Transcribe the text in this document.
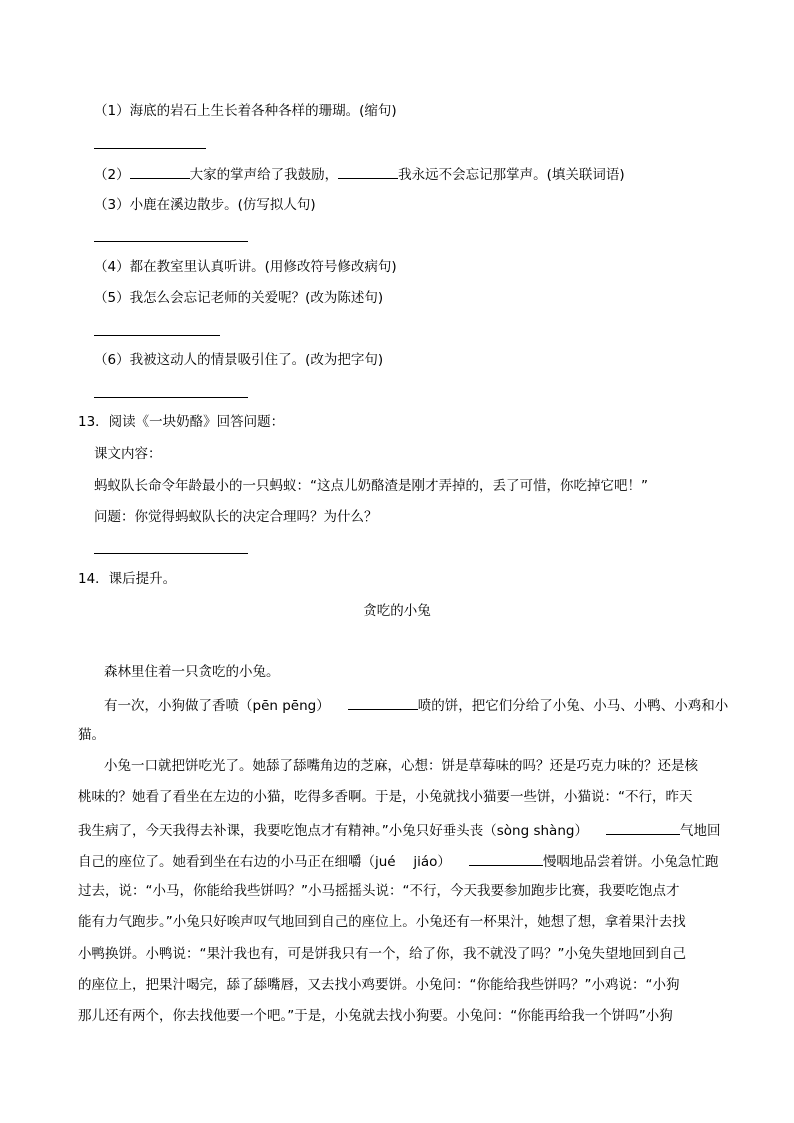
（1）海底的岩石上生长着各种各样的珊瑚。(缩句)
（2）	大家的掌声给了我鼓励，	我永远不会忘记那掌声。(填关联词语)
（3）小鹿在溪边散步。(仿写拟人句)
（4）都在教室里认真听讲。(用修改符号修改病句)
（5）我怎么会忘记老师的关爱呢？(改为陈述句)
（6）我被这动人的情景吸引住了。(改为把字句)
13．阅读《一块奶酪》回答问题：
课文内容：
蚂蚁队长命令年龄最小的一只蚂蚁：“这点儿奶酪渣是刚才弄掉的，丢了可惜，你吃掉它吧！”
问题：你觉得蚂蚁队长的决定合理吗？为什么？
14．课后提升。
贪吃的小兔
森林里住着一只贪吃的小兔。
有一次，小狗做了香喷（pēn pēng）	喷的饼，把它们分给了小兔、小马、小鸭、小鸡和小
猫。
小兔一口就把饼吃光了。她舔了舔嘴角边的芝麻，心想：饼是草莓味的吗？还是巧克力味的？还是核
桃味的？她看了看坐在左边的小猫，吃得多香啊。于是，小兔就找小猫要一些饼，小猫说：“不行，昨天
我生病了，今天我得去补课，我要吃饱点才有精神。”小兔只好垂头丧（sòng shàng）	气地回
自己的座位了。她看到坐在右边的小马正在细嚼（jué　 jiáo）	慢咽地品尝着饼。小兔急忙跑
过去，说：“小马，你能给我些饼吗？”小马摇摇头说：“不行，今天我要参加跑步比赛，我要吃饱点才
能有力气跑步。”小兔只好唉声叹气地回到自己的座位上。小兔还有一杯果汁，她想了想，拿着果汁去找
小鸭换饼。小鸭说：“果汁我也有，可是饼我只有一个，给了你，我不就没了吗？”小兔失望地回到自己
的座位上，把果汁喝完，舔了舔嘴唇，又去找小鸡要饼。小兔问：“你能给我些饼吗？”小鸡说：“小狗
那儿还有两个，你去找他要一个吧。”于是，小兔就去找小狗要。小兔问：“你能再给我一个饼吗”小狗
